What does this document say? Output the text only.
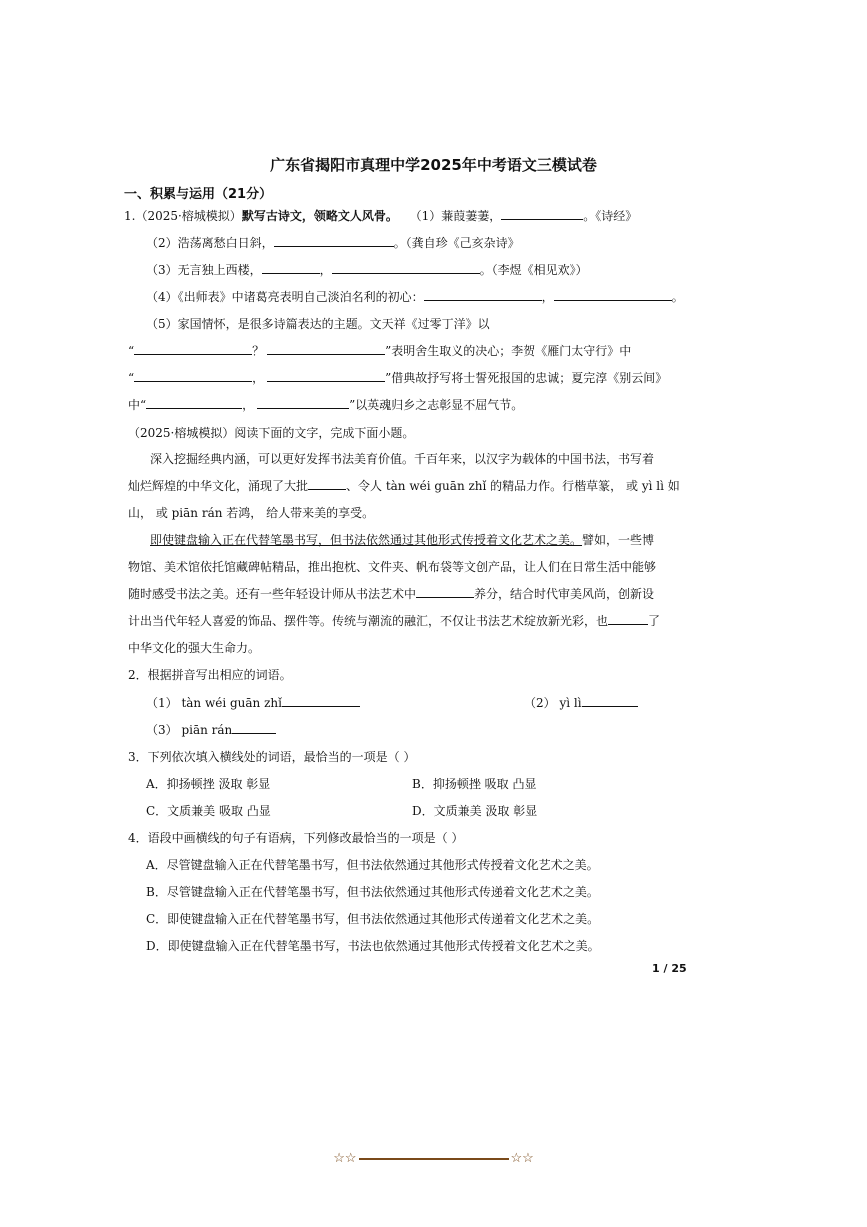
广东省揭阳市真理中学2025年中考语文三模试卷
一、积累与运用（21分）
1.（2025·榕城模拟）默写古诗文，领略文人风骨。 （1）蒹葭萋萋，	。《诗经》
（2）浩荡离愁白日斜，	。（龚自珍《己亥杂诗》
（3）无言独上西楼，	，	。（李煜《相见欢》）
（4）《出师表》中诸葛亮表明自己淡泊名利的初心：	，	。
（5）家国情怀，是很多诗篇表达的主题。文天祥《过零丁洋》以
“	？	”表明舍生取义的决心；李贺《雁门太守行》中
“	，	”借典故抒写将士誓死报国的忠诚；夏完淳《别云间》
中“	，	”以英魂归乡之志彰显不屈气节。
（2025·榕城模拟）阅读下面的文字，完成下面小题。
深入挖掘经典内涵，可以更好发挥书法美育价值。千百年来，以汉字为载体的中国书法，书写着
灿烂辉煌的中华文化，涌现了大批	、令人 tàn wéi guān zhǐ 的精品力作。行楷草篆， 或 yì lì 如
山， 或 piān rán 若鸿， 给人带来美的享受。
即使键盘输入正在代替笔墨书写，但书法依然通过其他形式传授着文化艺术之美。譬如，一些博
物馆、美术馆依托馆藏碑帖精品，推出抱枕、文件夹、帆布袋等文创产品，让人们在日常生活中能够
随时感受书法之美。还有一些年轻设计师从书法艺术中	养分，结合时代审美风尚，创新设
计出当代年轻人喜爱的饰品、摆件等。传统与潮流的融汇，不仅让书法艺术绽放新光彩，也	了
中华文化的强大生命力。
2．根据拼音写出相应的词语。
（1） tàn wéi guān zhǐ	（2） yì lì
（3） piān rán
3．下列依次填入横线处的词语，最恰当的一项是（ ）
A．抑扬顿挫 汲取 彰显	B．抑扬顿挫 吸取 凸显
C．文质兼美 吸取 凸显	D．文质兼美 汲取 彰显
4．语段中画横线的句子有语病，下列修改最恰当的一项是（ ）
A．尽管键盘输入正在代替笔墨书写，但书法依然通过其他形式传授着文化艺术之美。
B．尽管键盘输入正在代替笔墨书写，但书法依然通过其他形式传递着文化艺术之美。
C．即使键盘输入正在代替笔墨书写，但书法依然通过其他形式传递着文化艺术之美。
D．即使键盘输入正在代替笔墨书写，书法也依然通过其他形式传授着文化艺术之美。
1 / 25
☆☆	☆☆
